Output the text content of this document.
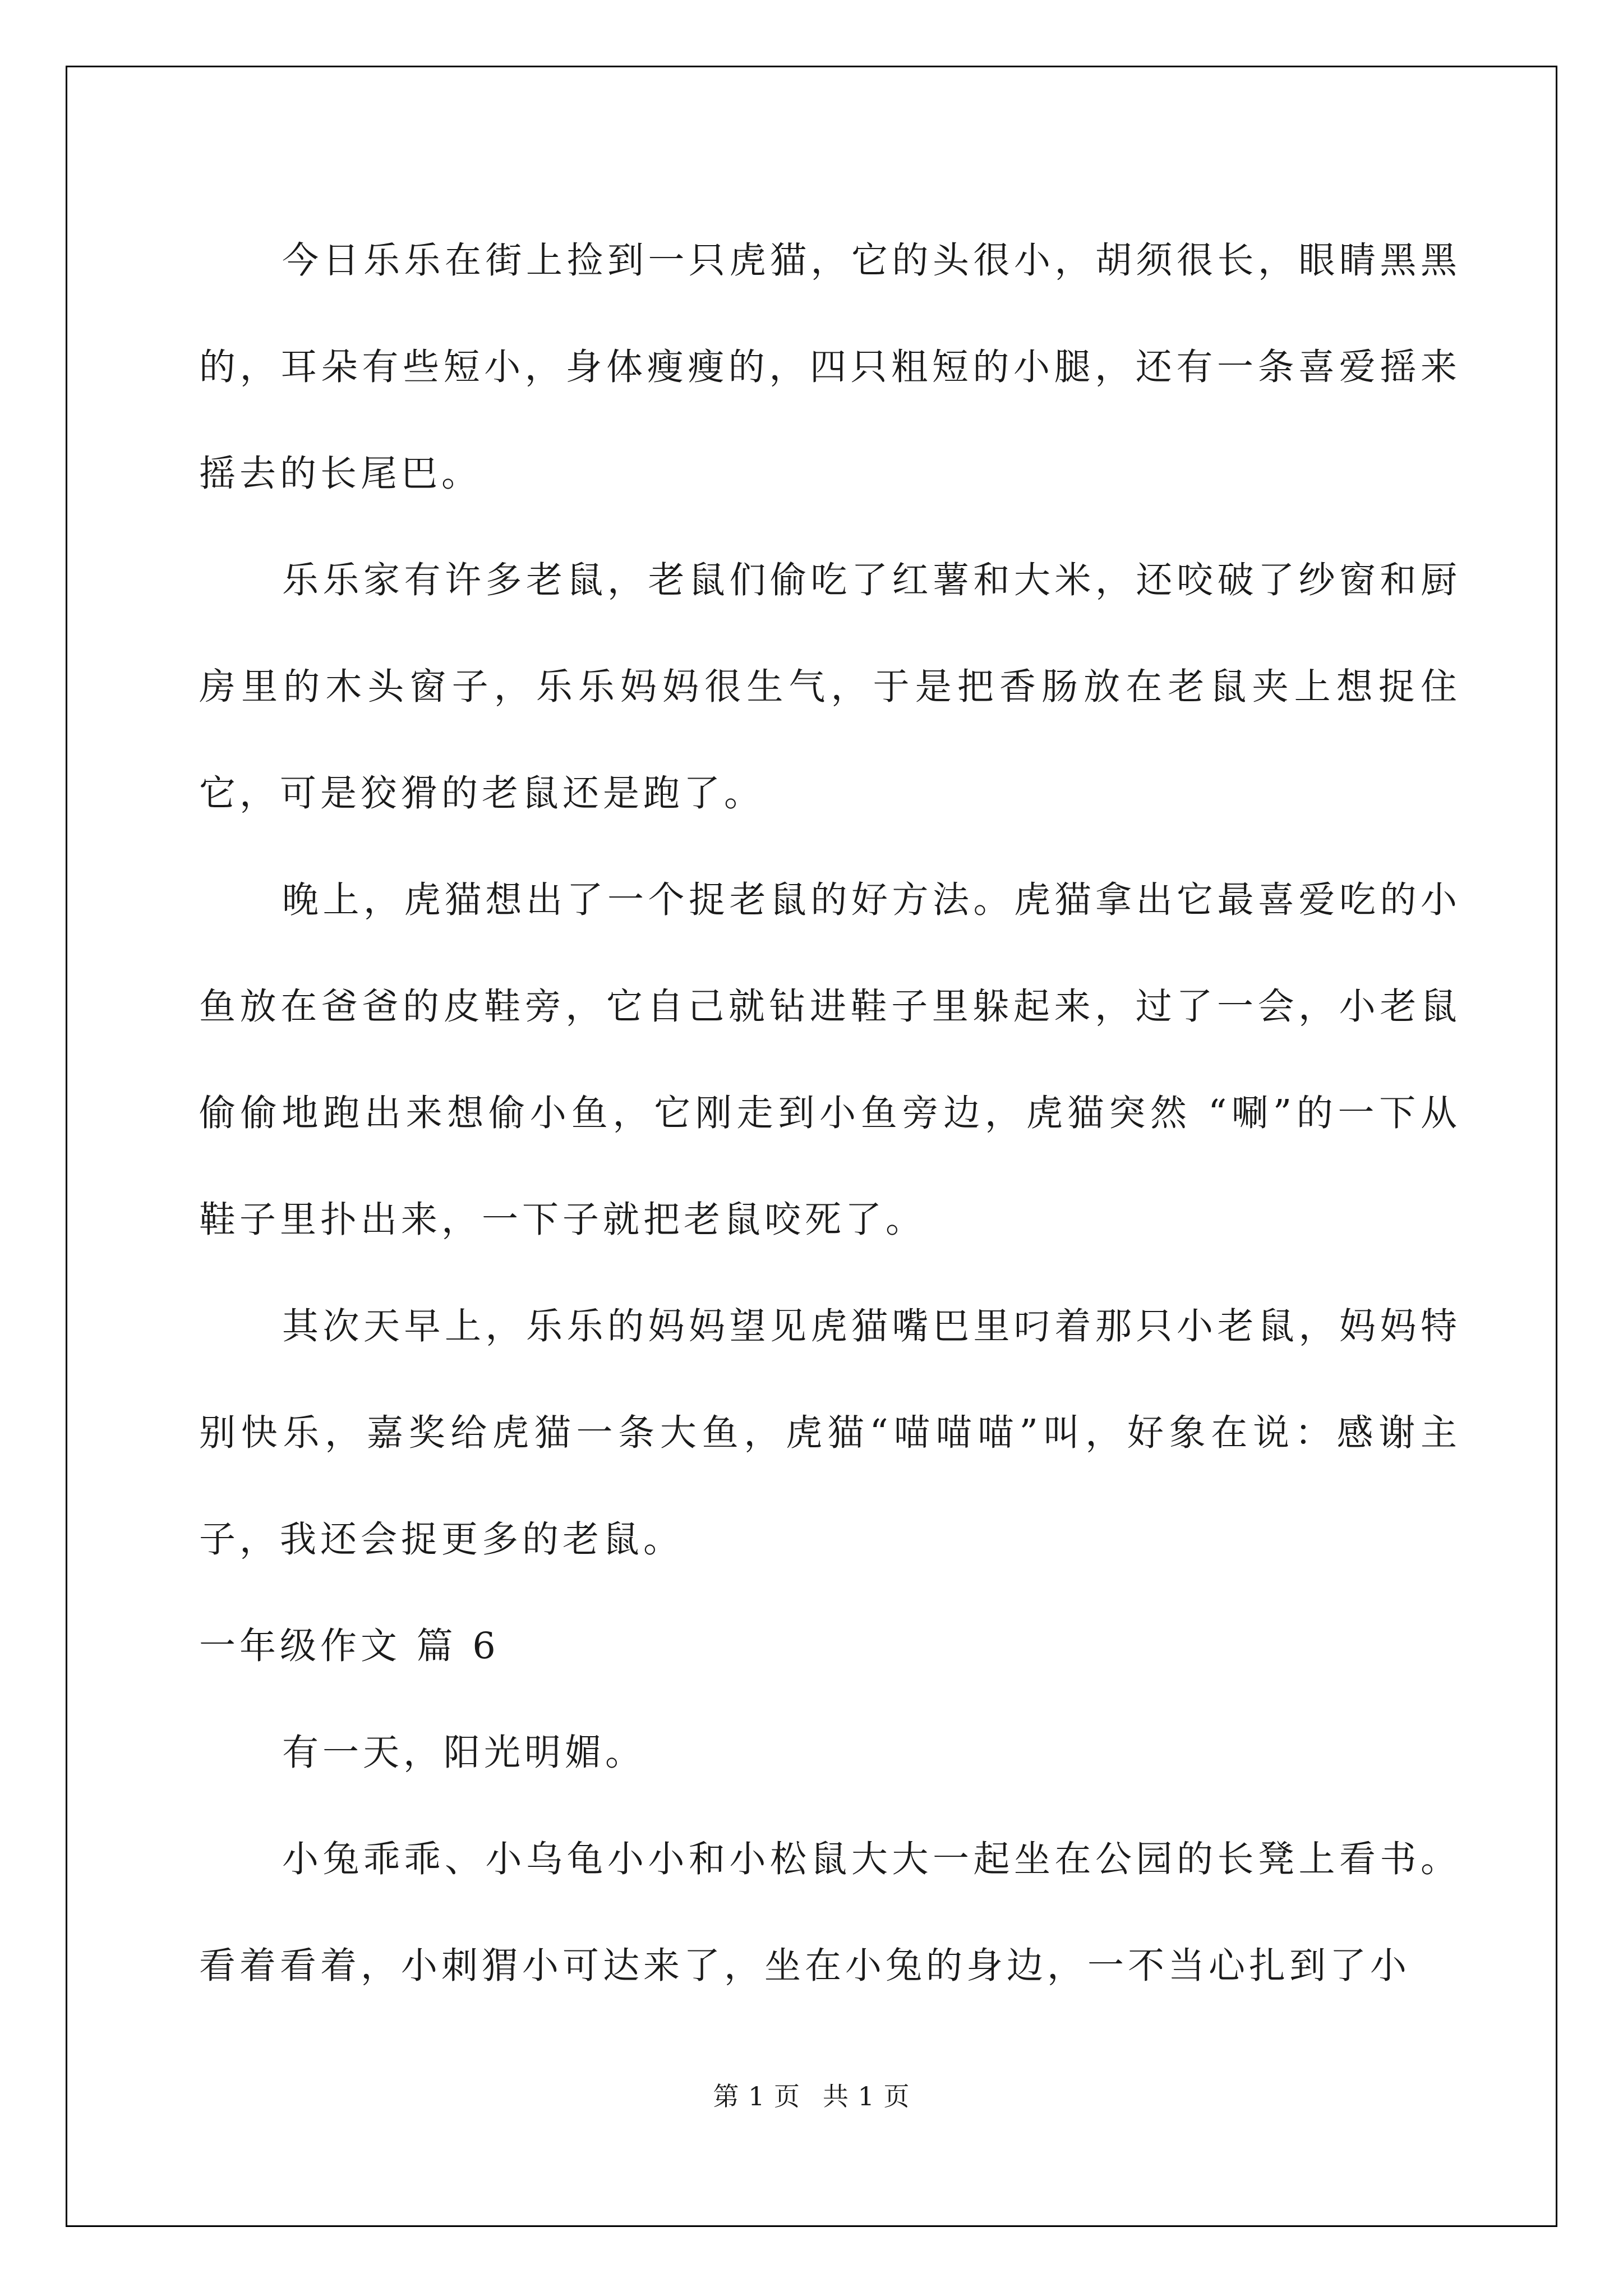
今日乐乐在街上捡到一只虎猫，它的头很小，胡须很长，眼睛黑黑的，耳朵有些短小，身体瘦瘦的，四只粗短的小腿，还有一条喜爱摇来摇去的长尾巴。

乐乐家有许多老鼠，老鼠们偷吃了红薯和大米，还咬破了纱窗和厨房里的木头窗子，乐乐妈妈很生气，于是把香肠放在老鼠夹上想捉住它，可是狡猾的老鼠还是跑了。

晚上，虎猫想出了一个捉老鼠的好方法。虎猫拿出它最喜爱吃的小鱼放在爸爸的皮鞋旁，它自己就钻进鞋子里躲起来，过了一会，小老鼠偷偷地跑出来想偷小鱼，它刚走到小鱼旁边，虎猫突然 “唰”的一下从鞋子里扑出来，一下子就把老鼠咬死了。

其次天早上，乐乐的妈妈望见虎猫嘴巴里叼着那只小老鼠，妈妈特别快乐，嘉奖给虎猫一条大鱼，虎猫“喵喵喵”叫，好象在说：感谢主子，我还会捉更多的老鼠。

一年级作文 篇 6

有一天，阳光明媚。

小兔乖乖、小乌龟小小和小松鼠大大一起坐在公园的长凳上看书。看着看着，小刺猬小可达来了，坐在小兔的身边，一不当心扎到了小

第 1 页 共 1 页
